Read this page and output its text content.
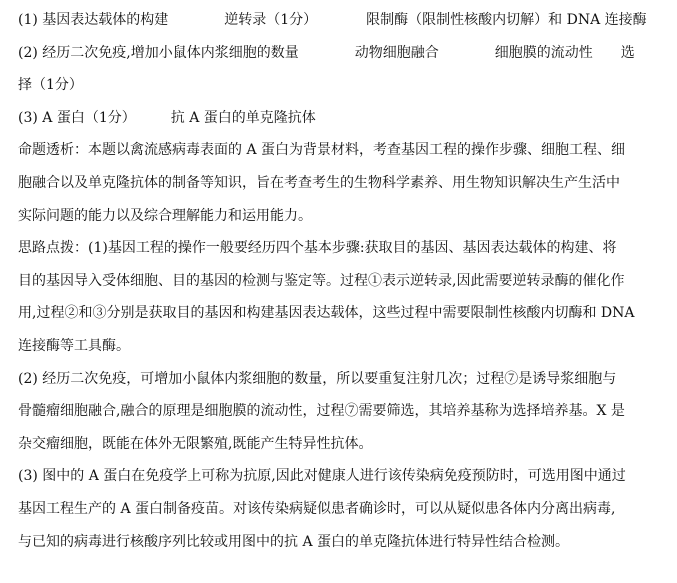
(1) 基因表达载体的构建　　　　逆转录（1分）　　　　限制酶（限制性核酸内切解）和 DNA 连接酶
(2) 经历二次免疫,增加小鼠体内浆细胞的数量　　　　动物细胞融合　　　　细胞膜的流动性　　选
择（1分）
(3) A 蛋白（1分）　　　抗 A 蛋白的单克隆抗体
命题透析：本题以禽流感病毒表面的 A 蛋白为背景材料，考查基因工程的操作步骤、细胞工程、细
胞融合以及单克隆抗体的制备等知识，旨在考查考生的生物科学素养、用生物知识解决生产生活中
实际问题的能力以及综合理解能力和运用能力。
思路点拨：(1)基因工程的操作一般要经历四个基本步骤:获取目的基因、基因表达载体的构建、将
目的基因导入受体细胞、目的基因的检测与鉴定等。过程①表示逆转录,因此需要逆转录酶的催化作
用,过程②和③分别是获取目的基因和构建基因表达载体，这些过程中需要限制性核酸内切酶和 DNA
连接酶等工具酶。
(2) 经历二次免疫，可增加小鼠体内浆细胞的数量，所以要重复注射几次；过程⑦是诱导浆细胞与
骨髓瘤细胞融合,融合的原理是细胞膜的流动性，过程⑦需要筛选，其培养基称为选择培养基。X 是
杂交瘤细胞，既能在体外无限繁殖,既能产生特异性抗体。
(3) 图中的 A 蛋白在免疫学上可称为抗原,因此对健康人进行该传染病免疫预防时，可选用图中通过
基因工程生产的 A 蛋白制备疫苗。对该传染病疑似患者确诊时，可以从疑似患各体内分离出病毒,
与已知的病毒进行核酸序列比较或用图中的抗 A 蛋白的单克隆抗体进行特异性结合检测。
